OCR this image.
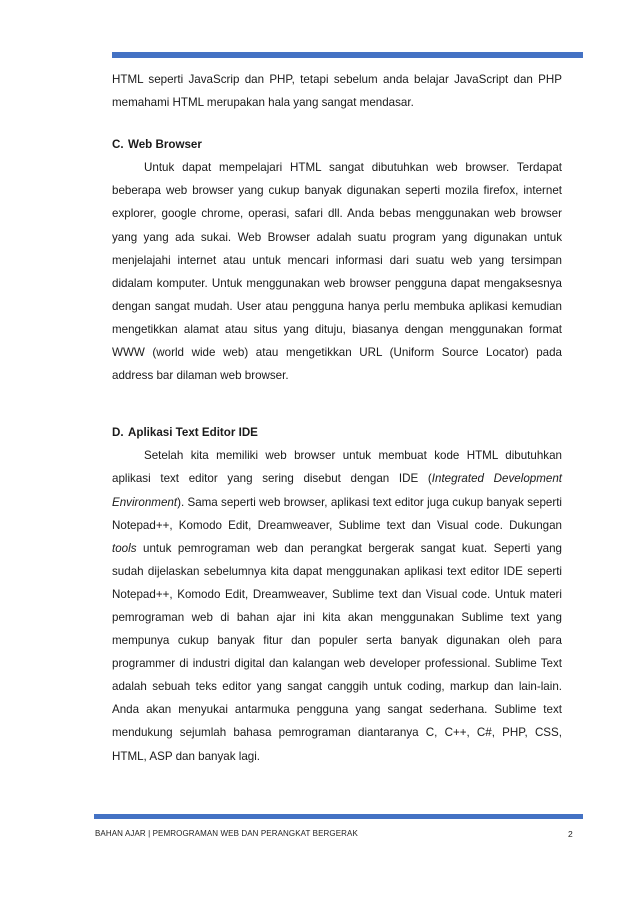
HTML seperti JavaScrip dan PHP, tetapi sebelum anda belajar JavaScript dan PHP memahami HTML merupakan hala yang sangat mendasar.

C. Web Browser

Untuk dapat mempelajari HTML sangat dibutuhkan web browser. Terdapat beberapa web browser yang cukup banyak digunakan seperti mozila firefox, internet explorer, google chrome, operasi, safari dll. Anda bebas menggunakan web browser yang yang ada sukai. Web Browser adalah suatu program yang digunakan untuk menjelajahi internet atau untuk mencari informasi dari suatu web yang tersimpan didalam komputer. Untuk menggunakan web browser pengguna dapat mengaksesnya dengan sangat mudah. User atau pengguna hanya perlu membuka aplikasi kemudian mengetikkan alamat atau situs yang dituju, biasanya dengan menggunakan format WWW (world wide web) atau mengetikkan URL (Uniform Source Locator) pada address bar dilaman web browser.

D. Aplikasi Text Editor IDE

Setelah kita memiliki web browser untuk membuat kode HTML dibutuhkan aplikasi text editor yang sering disebut dengan IDE (Integrated Development Environment). Sama seperti web browser, aplikasi text editor juga cukup banyak seperti Notepad++, Komodo Edit, Dreamweaver, Sublime text dan Visual code. Dukungan tools untuk pemrograman web dan perangkat bergerak sangat kuat. Seperti yang sudah dijelaskan sebelumnya kita dapat menggunakan aplikasi text editor IDE seperti Notepad++, Komodo Edit, Dreamweaver, Sublime text dan Visual code. Untuk materi pemrograman web di bahan ajar ini kita akan menggunakan Sublime text yang mempunya cukup banyak fitur dan populer serta banyak digunakan oleh para programmer di industri digital dan kalangan web developer professional. Sublime Text adalah sebuah teks editor yang sangat canggih untuk coding, markup dan lain-lain. Anda akan menyukai antarmuka pengguna yang sangat sederhana. Sublime text mendukung sejumlah bahasa pemrograman diantaranya C, C++, C#, PHP, CSS, HTML, ASP dan banyak lagi.

BAHAN AJAR | PEMROGRAMAN WEB DAN PERANGKAT BERGERAK	2
